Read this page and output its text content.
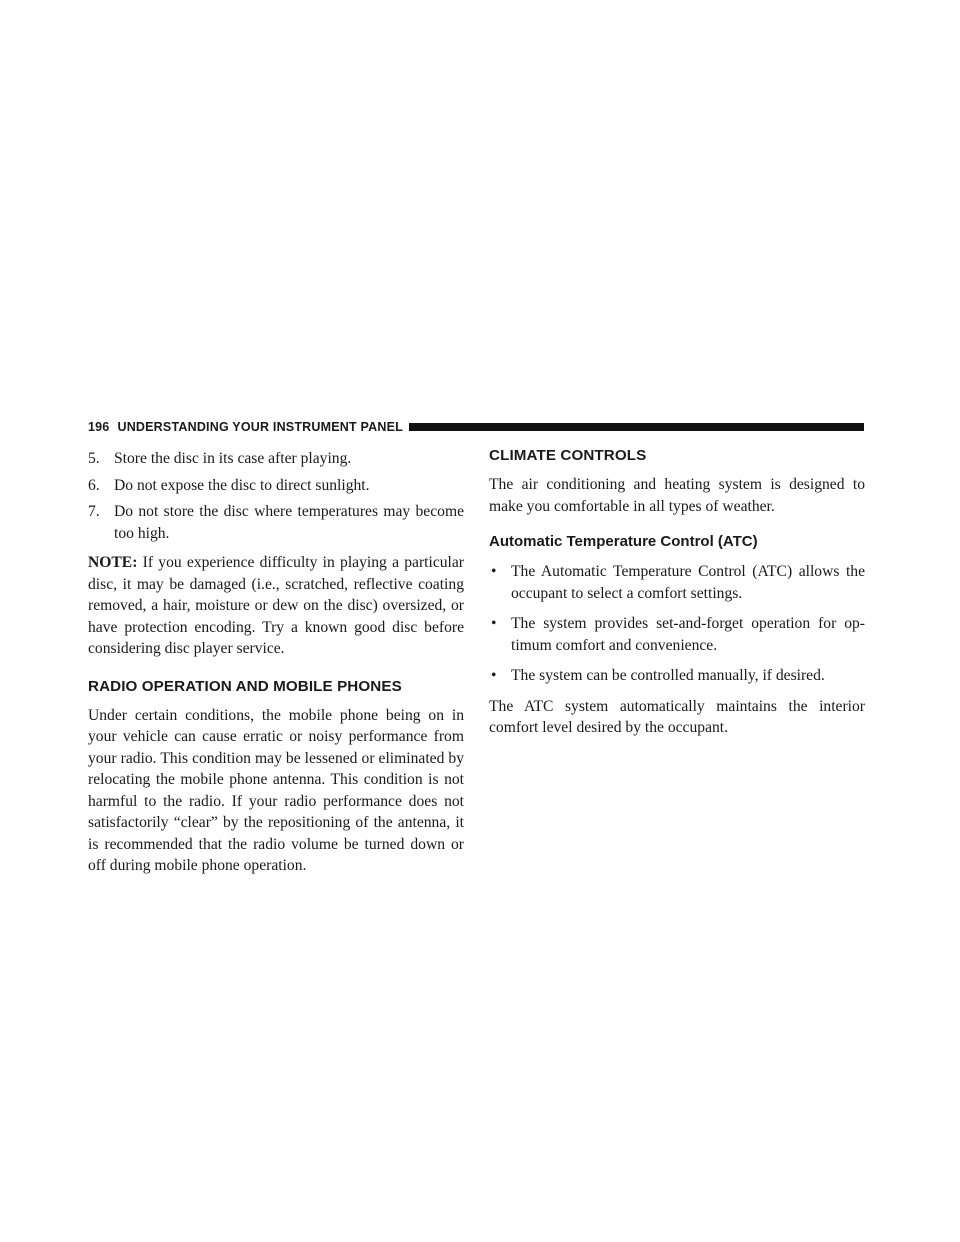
196 UNDERSTANDING YOUR INSTRUMENT PANEL
5. Store the disc in its case after playing.
6. Do not expose the disc to direct sunlight.
7. Do not store the disc where temperatures may become too high.

NOTE: If you experience difficulty in playing a particular disc, it may be damaged (i.e., scratched, reflective coating removed, a hair, moisture or dew on the disc) oversized, or have protection encoding. Try a known good disc before considering disc player service.

RADIO OPERATION AND MOBILE PHONES

Under certain conditions, the mobile phone being on in your vehicle can cause erratic or noisy performance from your radio. This condition may be lessened or eliminated by relocating the mobile phone antenna. This condition is not harmful to the radio. If your radio performance does not satisfactorily “clear” by the repositioning of the antenna, it is recommended that the radio volume be turned down or off during mobile phone operation.

CLIMATE CONTROLS

The air conditioning and heating system is designed to make you comfortable in all types of weather.

Automatic Temperature Control (ATC)
• The Automatic Temperature Control (ATC) allows the occupant to select a comfort settings.
• The system provides set-and-forget operation for op-timum comfort and convenience.
• The system can be controlled manually, if desired.

The ATC system automatically maintains the interior comfort level desired by the occupant.
